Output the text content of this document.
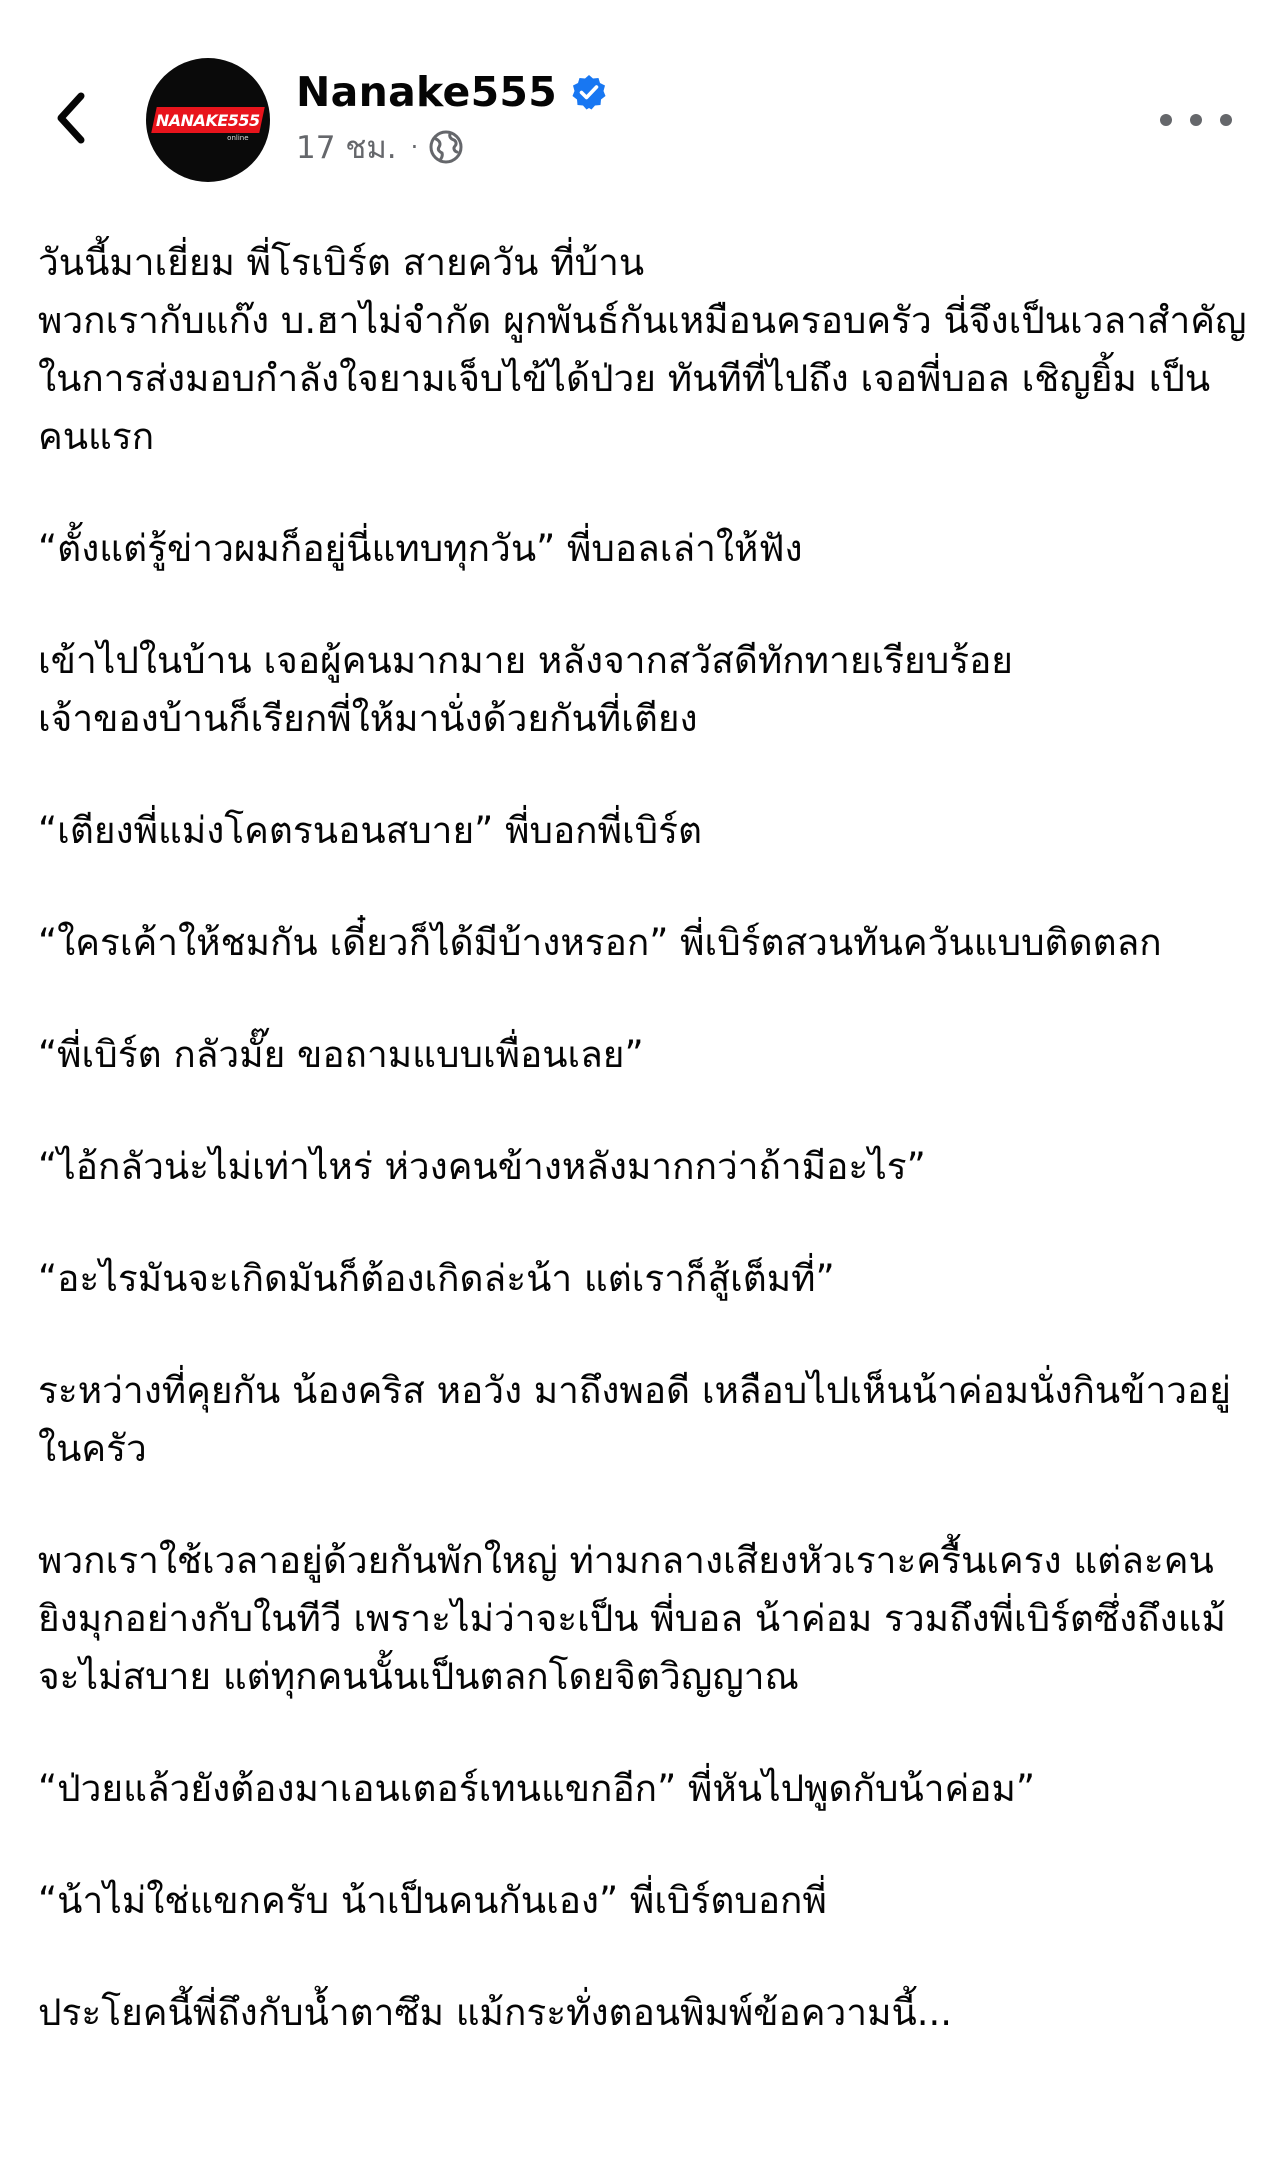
NANAKE555
online
Nanake555
17 ชม. ·

วันนี้มาเยี่ยม พี่โรเบิร์ต สายควัน ที่บ้าน
พวกเรากับแก๊ง บ.ฮาไม่จำกัด ผูกพันธ์กันเหมือนครอบครัว นี่จึงเป็นเวลาสำคัญในการส่งมอบกำลังใจยามเจ็บไข้ได้ป่วย ทันทีที่ไปถึง เจอพี่บอล เชิญยิ้ม เป็นคนแรก

“ตั้งแต่รู้ข่าวผมก็อยู่นี่แทบทุกวัน” พี่บอลเล่าให้ฟัง

เข้าไปในบ้าน เจอผู้คนมากมาย หลังจากสวัสดีทักทายเรียบร้อย
เจ้าของบ้านก็เรียกพี่ให้มานั่งด้วยกันที่เตียง

“เตียงพี่แม่งโคตรนอนสบาย” พี่บอกพี่เบิร์ต

“ใครเค้าให้ชมกัน เดี๋ยวก็ได้มีบ้างหรอก” พี่เบิร์ตสวนทันควันแบบติดตลก

“พี่เบิร์ต กลัวมั๊ย ขอถามแบบเพื่อนเลย”

“ไอ้กลัวน่ะไม่เท่าไหร่ ห่วงคนข้างหลังมากกว่าถ้ามีอะไร”

“อะไรมันจะเกิดมันก็ต้องเกิดล่ะน้า แต่เราก็สู้เต็มที่”

ระหว่างที่คุยกัน น้องคริส หอวัง มาถึงพอดี เหลือบไปเห็นน้าค่อมนั่งกินข้าวอยู่ในครัว

พวกเราใช้เวลาอยู่ด้วยกันพักใหญ่ ท่ามกลางเสียงหัวเราะครื้นเครง แต่ละคนยิงมุกอย่างกับในทีวี เพราะไม่ว่าจะเป็น พี่บอล น้าค่อม รวมถึงพี่เบิร์ตซึ่งถึงแม้จะไม่สบาย แต่ทุกคนนั้นเป็นตลกโดยจิตวิญญาณ

“ป่วยแล้วยังต้องมาเอนเตอร์เทนแขกอีก” พี่หันไปพูดกับน้าค่อม”

“น้าไม่ใช่แขกครับ น้าเป็นคนกันเอง” พี่เบิร์ตบอกพี่

ประโยคนี้พี่ถึงกับน้ำตาซึม แม้กระทั่งตอนพิมพ์ข้อความนี้...
